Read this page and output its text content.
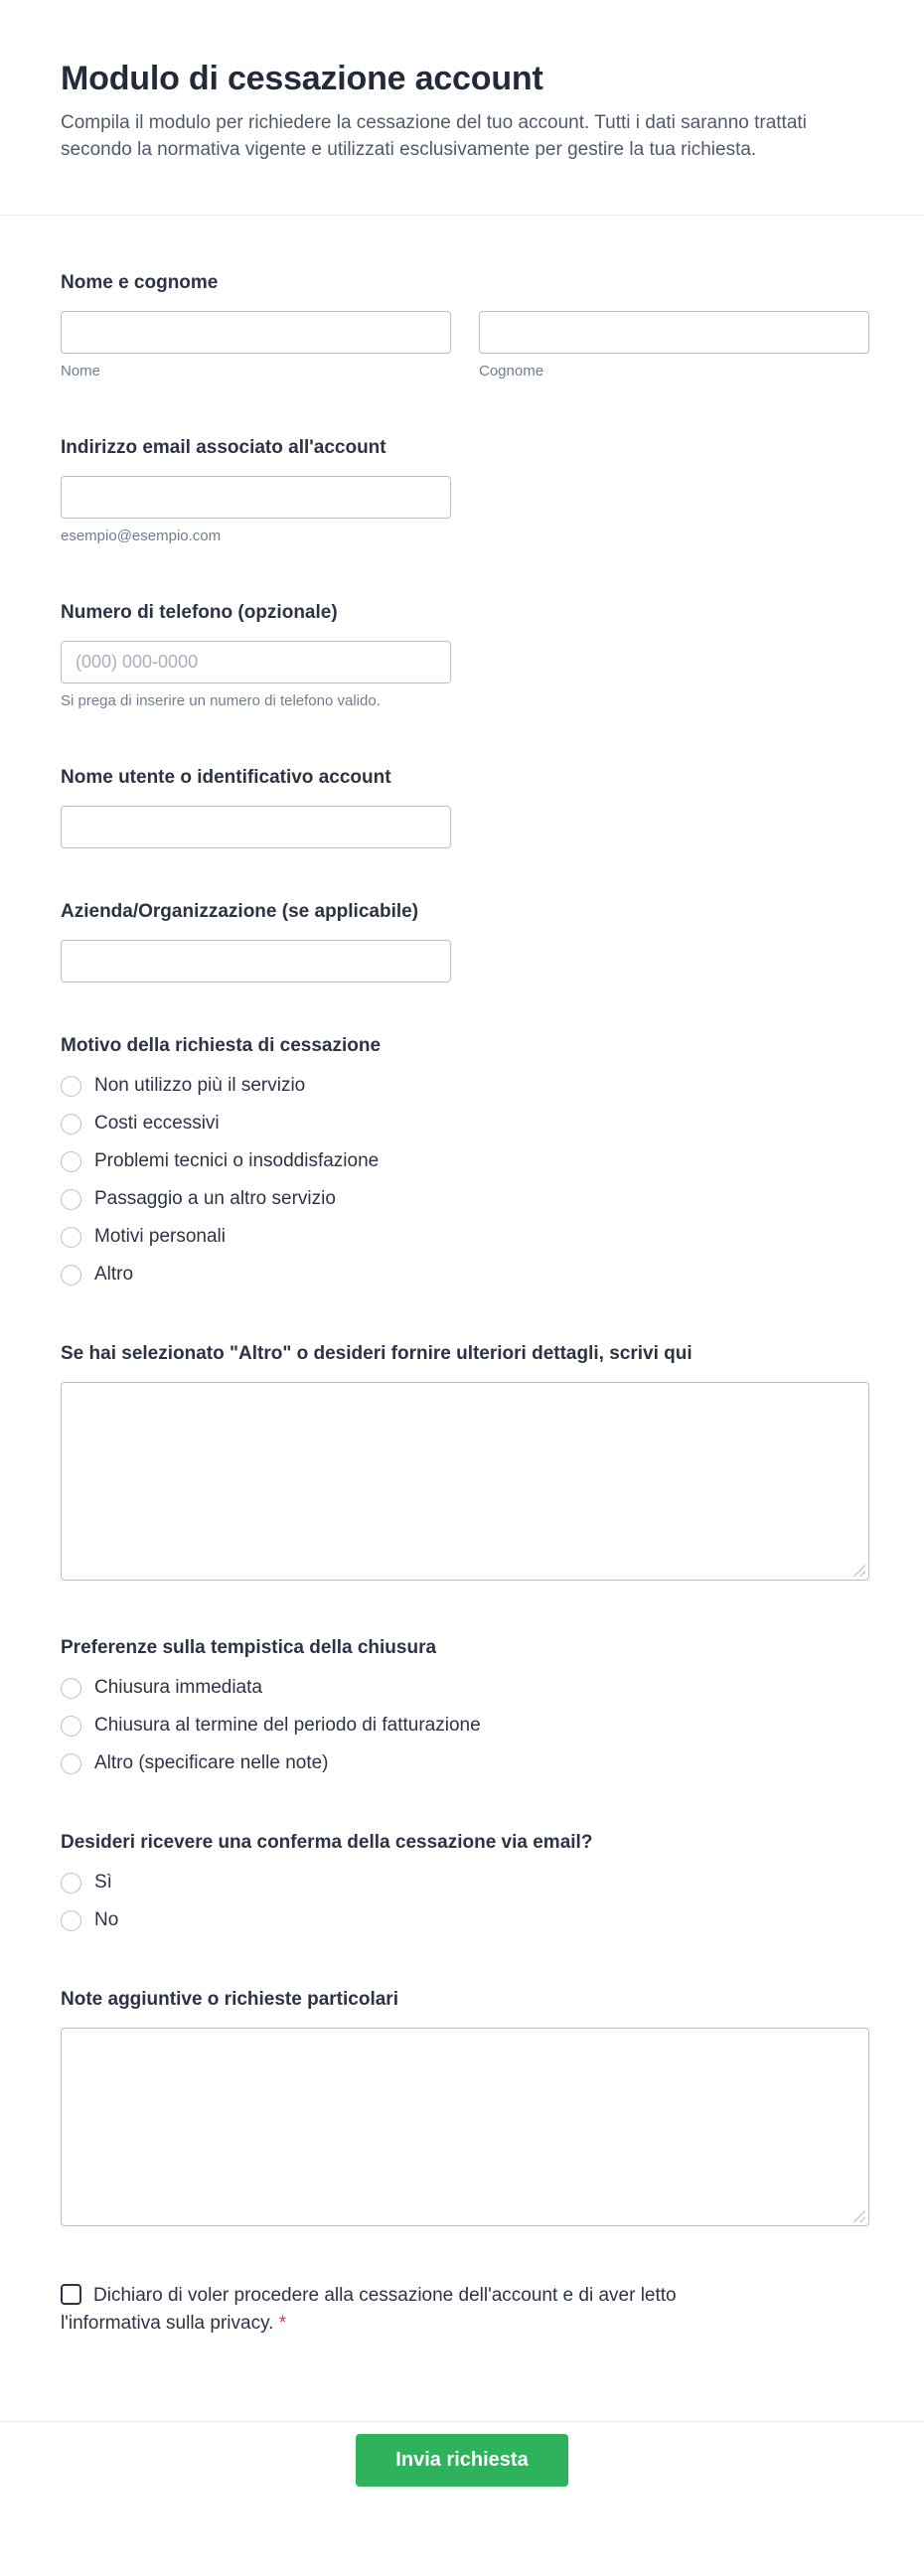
Modulo di cessazione account

Compila il modulo per richiedere la cessazione del tuo account. Tutti i dati saranno trattati secondo la normativa vigente e utilizzati esclusivamente per gestire la tua richiesta.

Nome e cognome
Nome	Cognome
Indirizzo email associato all'account
esempio@esempio.com
Numero di telefono (opzionale)
(000) 000-0000
Si prega di inserire un numero di telefono valido.
Nome utente o identificativo account
Azienda/Organizzazione (se applicabile)
Motivo della richiesta di cessazione
Non utilizzo più il servizio
Costi eccessivi
Problemi tecnici o insoddisfazione
Passaggio a un altro servizio
Motivi personali
Altro
Se hai selezionato "Altro" o desideri fornire ulteriori dettagli, scrivi qui
Preferenze sulla tempistica della chiusura
Chiusura immediata
Chiusura al termine del periodo di fatturazione
Altro (specificare nelle note)
Desideri ricevere una conferma della cessazione via email?
Sì
No
Note aggiuntive o richieste particolari
Dichiaro di voler procedere alla cessazione dell'account e di aver letto l'informativa sulla privacy. *
Invia richiesta
